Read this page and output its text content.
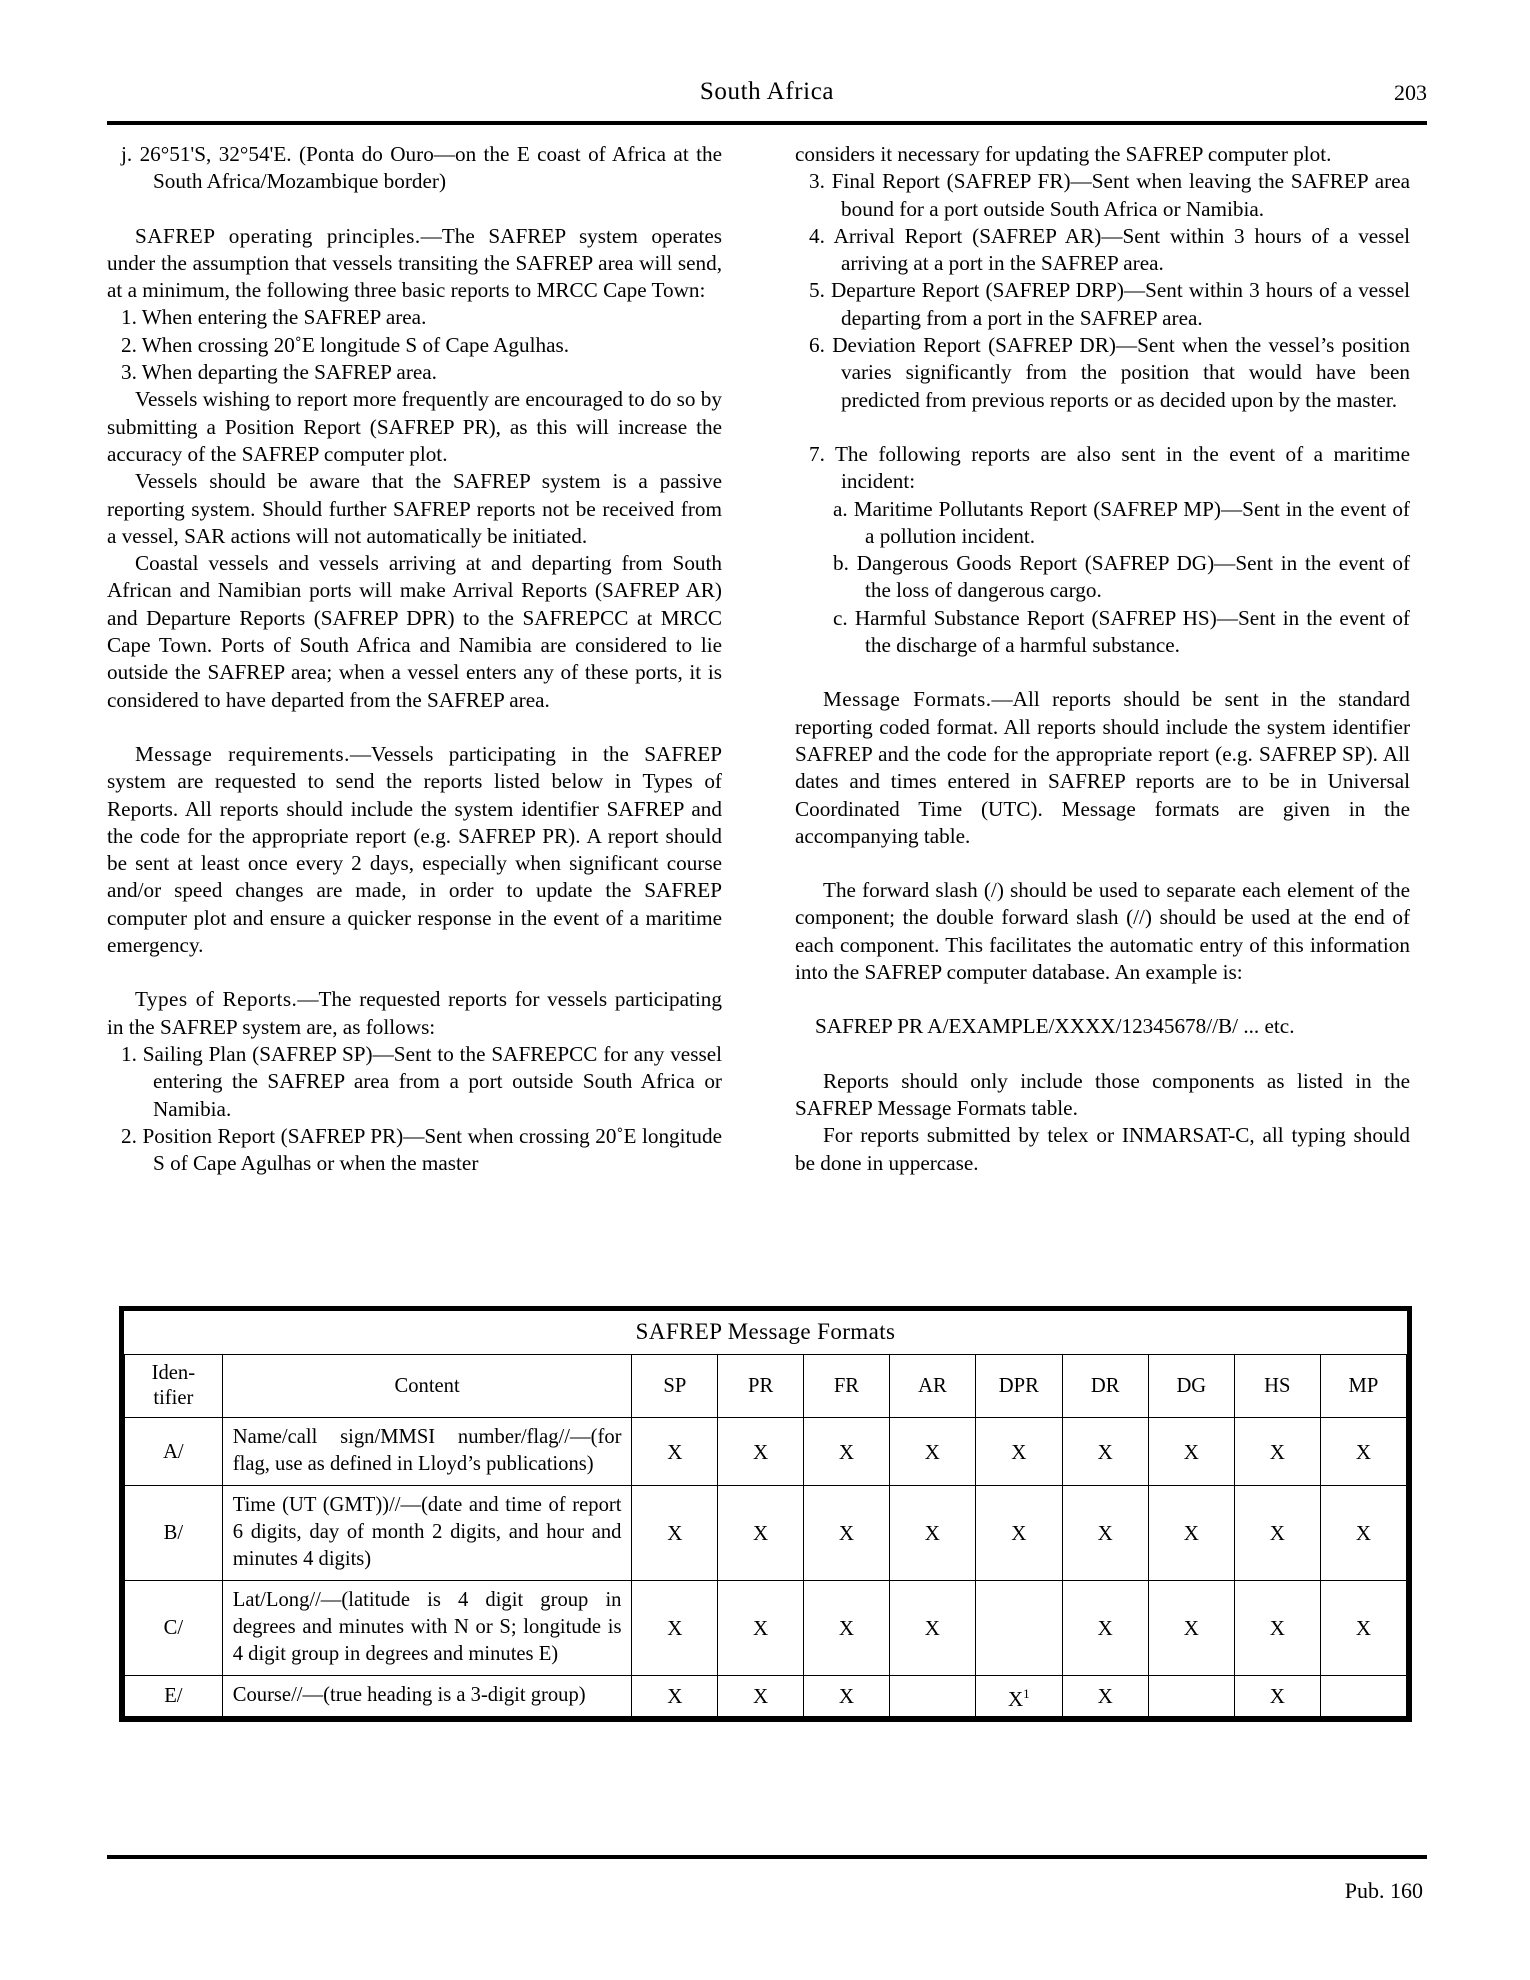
South Africa	203

j. 26°51'S, 32°54'E. (Ponta do Ouro—on the E coast of Africa at the South Africa/Mozambique border)

SAFREP operating principles.—The SAFREP system operates under the assumption that vessels transiting the SAFREP area will send, at a minimum, the following three basic reports to MRCC Cape Town:

1. When entering the SAFREP area.

2. When crossing 20˚E longitude S of Cape Agulhas.

3. When departing the SAFREP area.

Vessels wishing to report more frequently are encouraged to do so by submitting a Position Report (SAFREP PR), as this will increase the accuracy of the SAFREP computer plot.

Vessels should be aware that the SAFREP system is a passive reporting system. Should further SAFREP reports not be received from a vessel, SAR actions will not automatically be initiated.

Coastal vessels and vessels arriving at and departing from South African and Namibian ports will make Arrival Reports (SAFREP AR) and Departure Reports (SAFREP DPR) to the SAFREPCC at MRCC Cape Town. Ports of South Africa and Namibia are considered to lie outside the SAFREP area; when a vessel enters any of these ports, it is considered to have departed from the SAFREP area.

Message requirements.—Vessels participating in the SAFREP system are requested to send the reports listed below in Types of Reports. All reports should include the system identifier SAFREP and the code for the appropriate report (e.g. SAFREP PR). A report should be sent at least once every 2 days, especially when significant course and/or speed changes are made, in order to update the SAFREP computer plot and ensure a quicker response in the event of a maritime emergency.

Types of Reports.—The requested reports for vessels participating in the SAFREP system are, as follows:

1. Sailing Plan (SAFREP SP)—Sent to the SAFREPCC for any vessel entering the SAFREP area from a port outside South Africa or Namibia.

2. Position Report (SAFREP PR)—Sent when crossing 20˚E longitude S of Cape Agulhas or when the master

considers it necessary for updating the SAFREP computer plot.

3. Final Report (SAFREP FR)—Sent when leaving the SAFREP area bound for a port outside South Africa or Namibia.

4. Arrival Report (SAFREP AR)—Sent within 3 hours of a vessel arriving at a port in the SAFREP area.

5. Departure Report (SAFREP DRP)—Sent within 3 hours of a vessel departing from a port in the SAFREP area.

6. Deviation Report (SAFREP DR)—Sent when the vessel’s position varies significantly from the position that would have been predicted from previous reports or as decided upon by the master.

7. The following reports are also sent in the event of a maritime incident:

a. Maritime Pollutants Report (SAFREP MP)—Sent in the event of a pollution incident.

b. Dangerous Goods Report (SAFREP DG)—Sent in the event of the loss of dangerous cargo.

c. Harmful Substance Report (SAFREP HS)—Sent in the event of the discharge of a harmful substance.

Message Formats.—All reports should be sent in the standard reporting coded format. All reports should include the system identifier SAFREP and the code for the appropriate report (e.g. SAFREP SP). All dates and times entered in SAFREP reports are to be in Universal Coordinated Time (UTC). Message formats are given in the accompanying table.

The forward slash (/) should be used to separate each element of the component; the double forward slash (//) should be used at the end of each component. This facilitates the automatic entry of this information into the SAFREP computer database. An example is:

SAFREP PR A/EXAMPLE/XXXX/12345678//B/ ... etc.

Reports should only include those components as listed in the SAFREP Message Formats table.

For reports submitted by telex or INMARSAT-C, all typing should be done in uppercase.

SAFREP Message Formats										
Iden-
tifier	Content	SP	PR	FR	AR	DPR	DR	DG	HS	MP
A/	Name/call sign/MMSI number/flag//—(for flag, use as defined in Lloyd’s publications)	X	X	X	X	X	X	X	X	X
B/	Time (UT (GMT))//—(date and time of report 6 digits, day of month 2 digits, and hour and minutes 4 digits)	X	X	X	X	X	X	X	X	X
C/	Lat/Long//—(latitude is 4 digit group in degrees and minutes with N or S; longitude is 4 digit group in degrees and minutes E)	X	X	X	X		X	X	X	X
E/	Course//—(true heading is a 3-digit group)	X	X	X		X$^1$	X		X	
Pub. 160
